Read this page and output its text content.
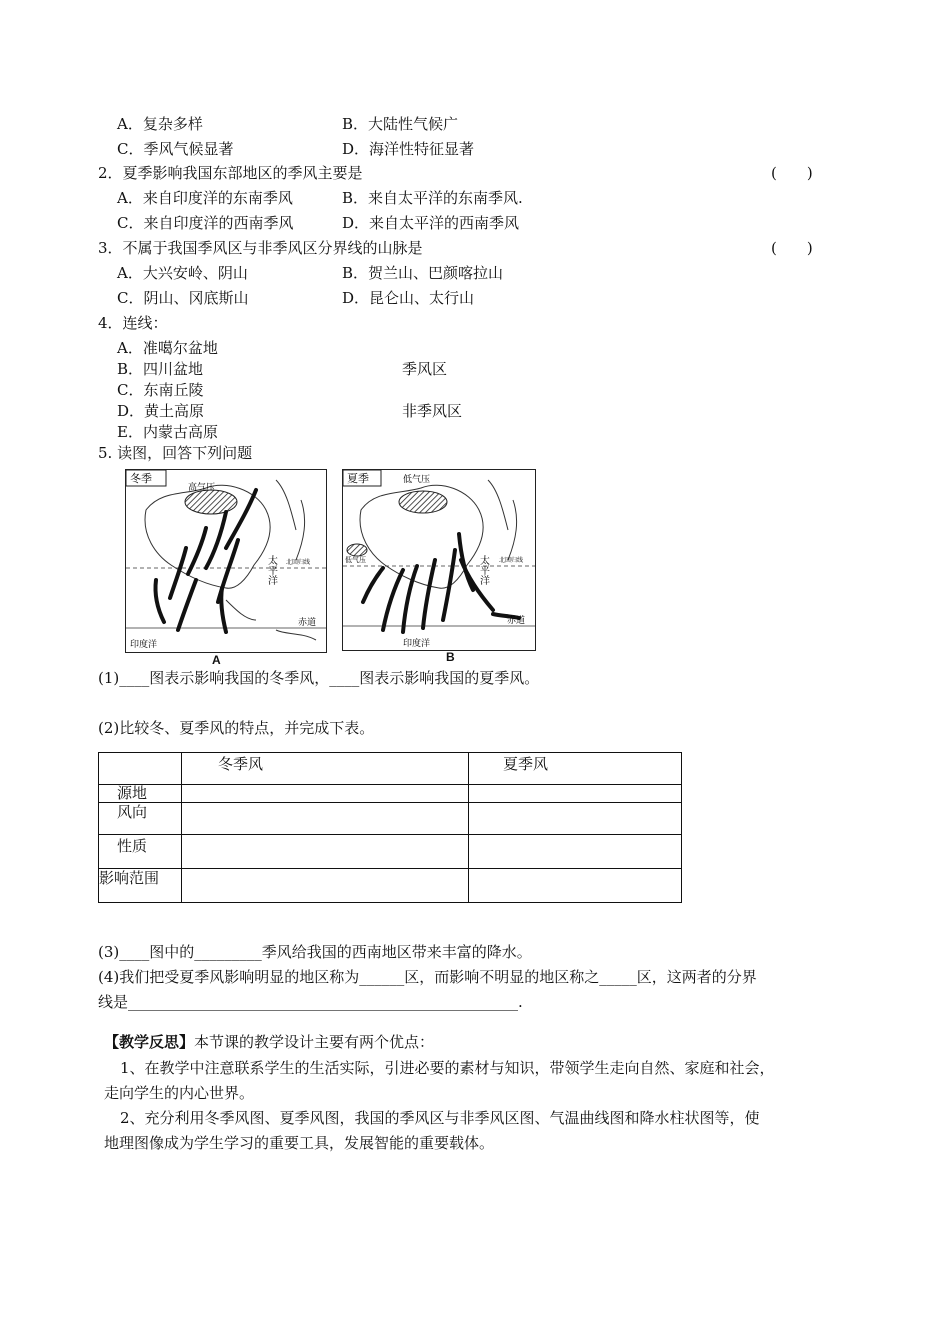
A．复杂多样	B．大陆性气候广
C．季风气候显著	D．海洋性特征显著
2．夏季影响我国东部地区的季风主要是	(　　)
A．来自印度洋的东南季风	B．来自太平洋的东南季风.
C．来自印度洋的西南季风	D．来自太平洋的西南季风
3．不属于我国季风区与非季风区分界线的山脉是	(　　)
A．大兴安岭、阴山	B．贺兰山、巴颜喀拉山
C．阴山、冈底斯山	D．昆仑山、太行山
4．连线：
A．准噶尔盆地
B．四川盆地
C．东南丘陵
D．黄土高原
E．内蒙古高原
季风区
非季风区
5. 读图，回答下列问题
冬季
高气压
太平洋 北回归线
赤道
印度洋
A
夏季	低气压
低气压	太平洋 北回归线
赤道
印度洋
B
(1)____图表示影响我国的冬季风，____图表示影响我国的夏季风。
(2)比较冬、夏季风的特点，并完成下表。
	冬季风	夏季风
源地		
风向		
性质		
影响范围		
(3)____图中的_________季风给我国的西南地区带来丰富的降水。
(4)我们把受夏季风影响明显的地区称为______区，而影响不明显的地区称之_____区，这两者的分界
线是____________________________________________________.
【教学反思】本节课的教学设计主要有两个优点：
1、在教学中注意联系学生的生活实际，引进必要的素材与知识，带领学生走向自然、家庭和社会，
走向学生的内心世界。
2、充分利用冬季风图、夏季风图，我国的季风区与非季风区图、气温曲线图和降水柱状图等，使
地理图像成为学生学习的重要工具，发展智能的重要载体。
